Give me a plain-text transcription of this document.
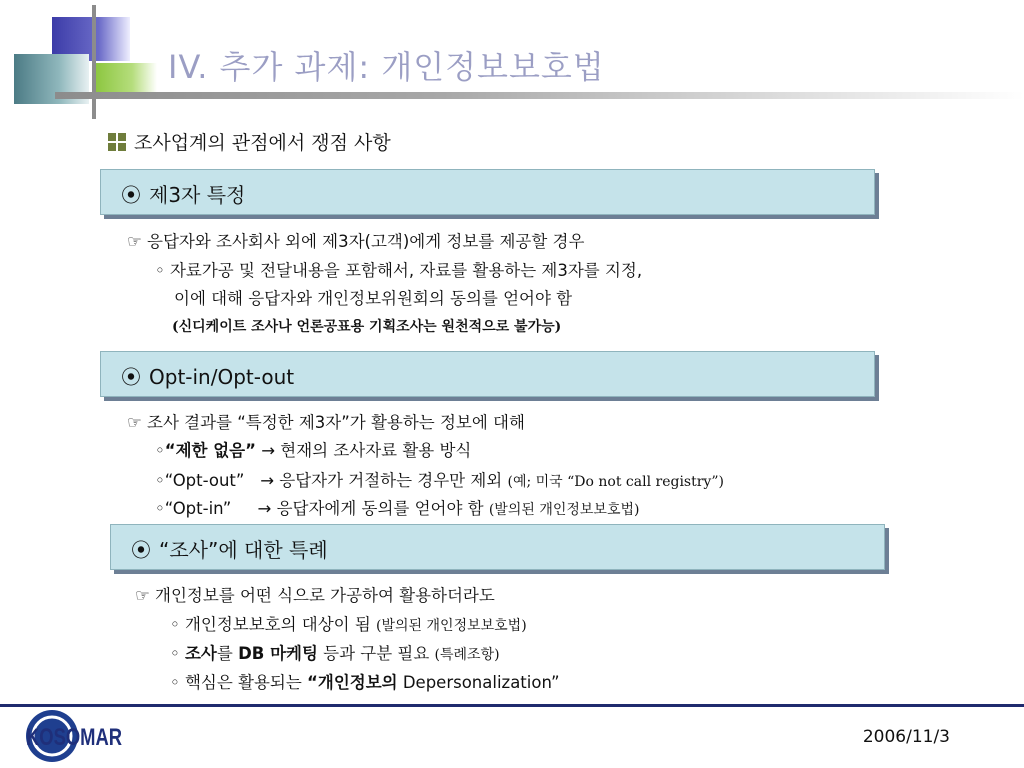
IV. 추가 과제: 개인정보보호법
조사업계의 관점에서 쟁점 사항
⦿ 제3자 특정
☞ 응답자와 조사회사 외에 제3자(고객)에게 정보를 제공할 경우
◦ 자료가공 및 전달내용을 포함해서, 자료를 활용하는 제3자를 지정,
이에 대해 응답자와 개인정보위원회의 동의를 얻어야 함
(신디케이트 조사나 언론공표용 기획조사는 원천적으로 불가능)
⦿ Opt-in/Opt-out
☞ 조사 결과를 “특정한 제3자”가 활용하는 정보에 대해
◦“제한 없음” → 현재의 조사자료 활용 방식
◦“Opt-out” → 응답자가 거절하는 경우만 제외 (예; 미국 “Do not call registry”)
◦“Opt-in” → 응답자에게 동의를 얻어야 함 (발의된 개인정보보호법)
⦿ “조사”에 대한 특례
☞ 개인정보를 어떤 식으로 가공하여 활용하더라도
◦ 개인정보보호의 대상이 됨 (발의된 개인정보보호법)
◦ 조사를 DB 마케팅 등과 구분 필요 (특례조항)
◦ 핵심은 활용되는 “개인정보의 Depersonalization”
KOSOMAR	2006/11/3
